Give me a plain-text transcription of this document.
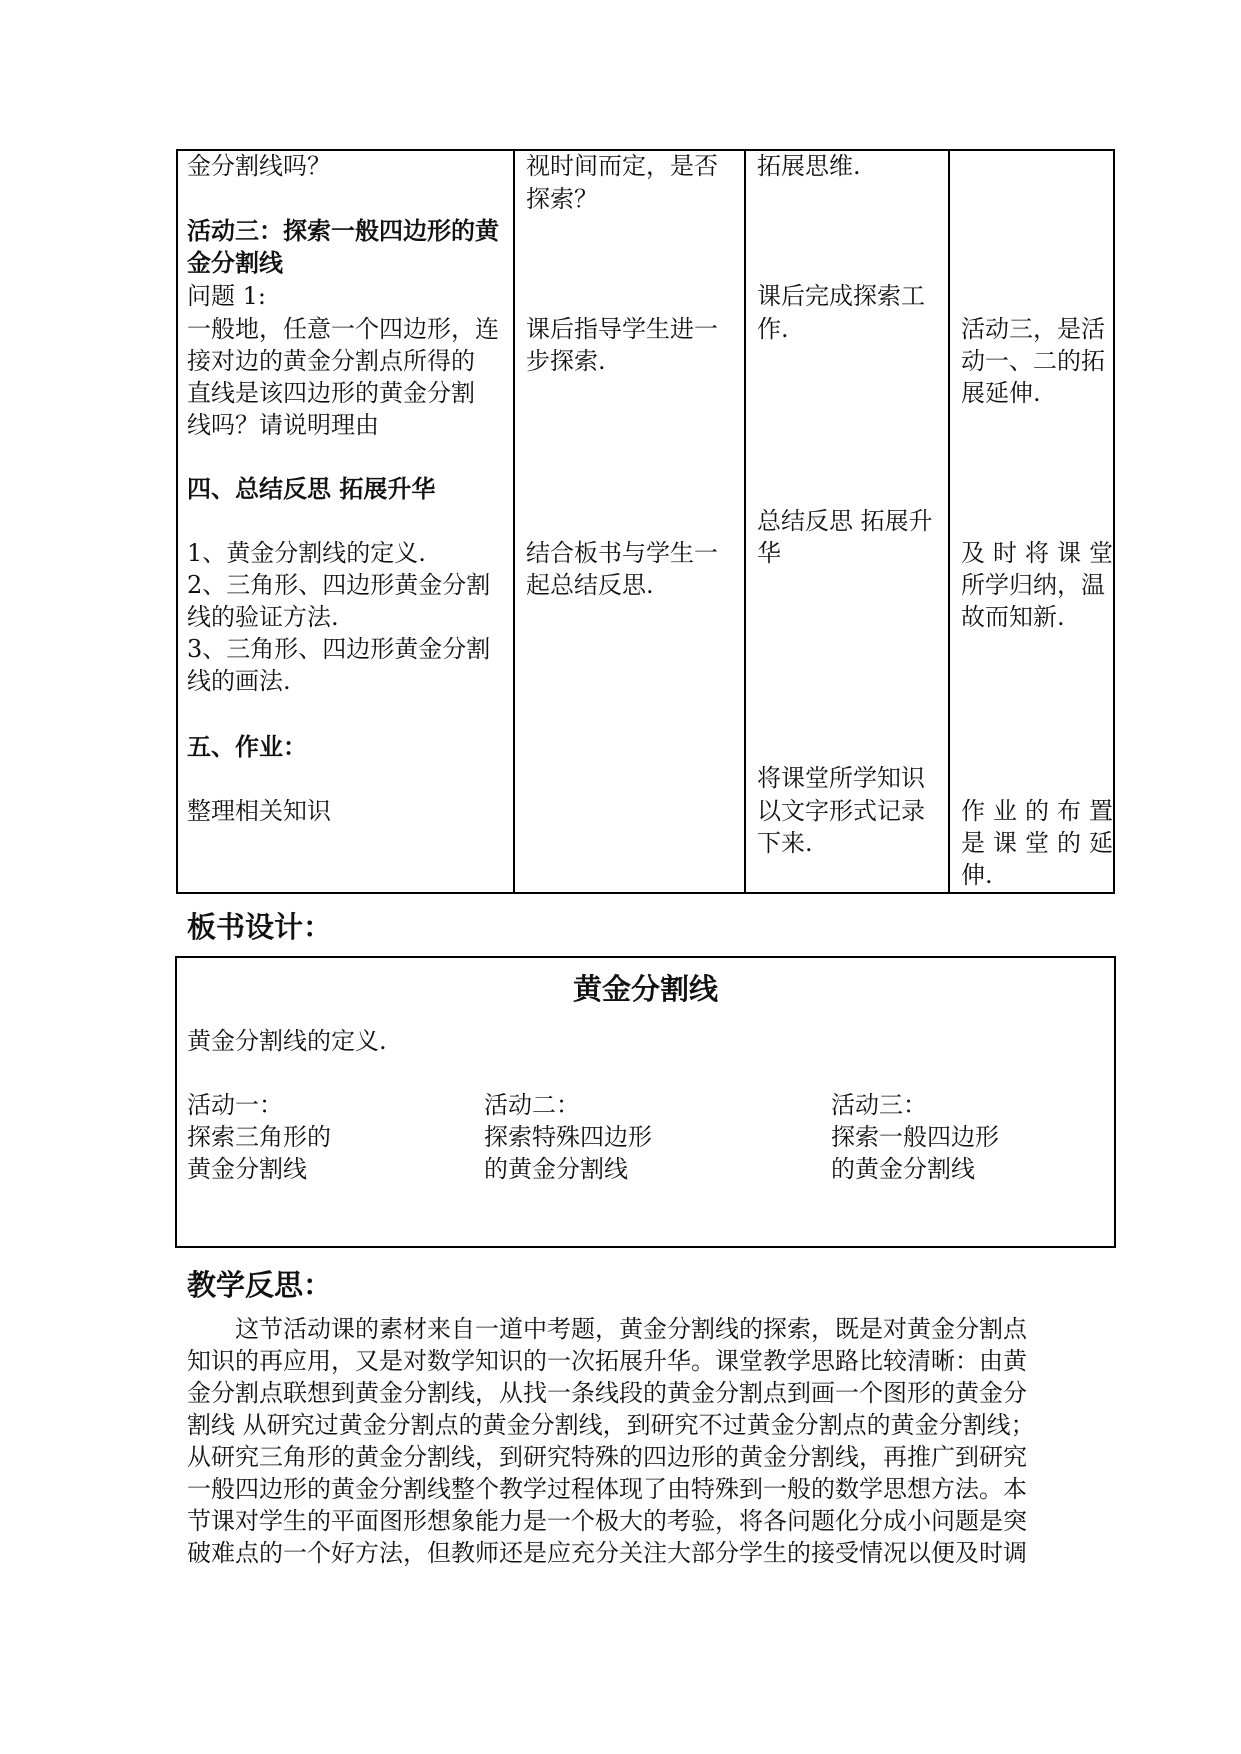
金分割线吗？
活动三：探索一般四边形的黄
金分割线
问题 1:
一般地，任意一个四边形，连
接对边的黄金分割点所得的
直线是该四边形的黄金分割
线吗？请说明理由
四、总结反思 拓展升华
1、黄金分割线的定义.
2、三角形、四边形黄金分割
线的验证方法.
3、三角形、四边形黄金分割
线的画法.
五、作业：
整理相关知识
视时间而定，是否
探索？
课后指导学生进一
步探索.
结合板书与学生一
起总结反思.
拓展思维.
课后完成探索工
作.
总结反思 拓展升
华
将课堂所学知识
以文字形式记录
下来.
活动三，是活
动一、二的拓
展延伸.
及时将课堂
所学归纳，温
故而知新.
作业的布置
是课堂的延
伸.
板书设计：
黄金分割线
黄金分割线的定义.
活动一：
探索三角形的
黄金分割线
活动二：
探索特殊四边形
的黄金分割线
活动三：
探索一般四边形
的黄金分割线
教学反思：
这节活动课的素材来自一道中考题，黄金分割线的探索，既是对黄金分割点
知识的再应用，又是对数学知识的一次拓展升华。课堂教学思路比较清晰：由黄
金分割点联想到黄金分割线，从找一条线段的黄金分割点到画一个图形的黄金分
割线 从研究过黄金分割点的黄金分割线，到研究不过黄金分割点的黄金分割线；
从研究三角形的黄金分割线，到研究特殊的四边形的黄金分割线，再推广到研究
一般四边形的黄金分割线整个教学过程体现了由特殊到一般的数学思想方法。本
节课对学生的平面图形想象能力是一个极大的考验，将各问题化分成小问题是突
破难点的一个好方法，但教师还是应充分关注大部分学生的接受情况以便及时调
